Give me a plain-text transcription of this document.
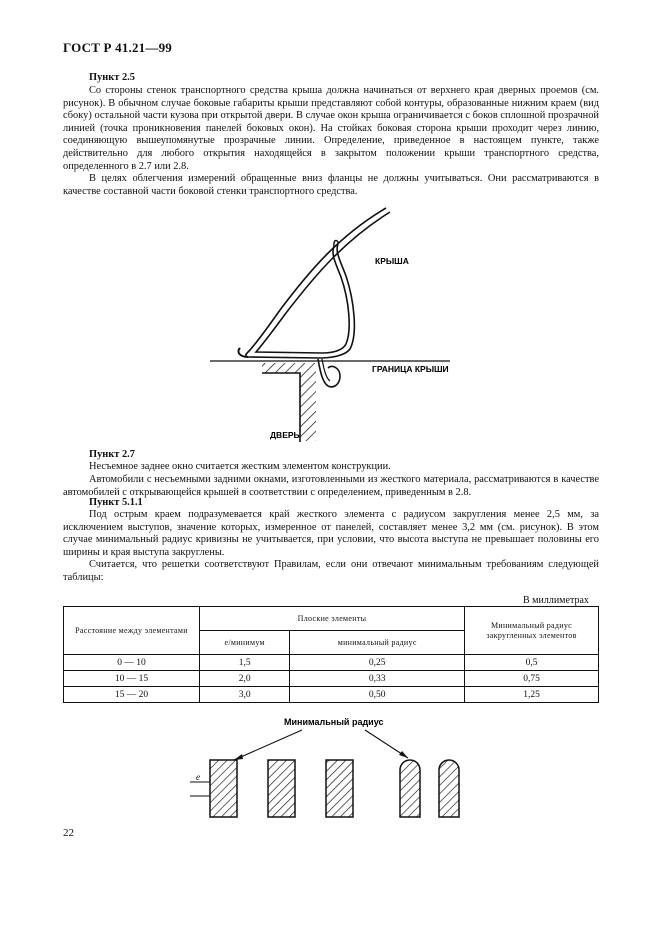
ГОСТ Р 41.21—99
Пункт 2.5

Со стороны стенок транспортного средства крыша должна начинаться от верхнего края дверных проемов (см. рисунок). В обычном случае боковые габариты крыши представляют собой контуры, образованные нижним краем (вид сбоку) остальной части кузова при открытой двери. В случае окон крыша ограничивается с боков сплошной прозрачной линией (точка проникновения панелей боковых окон). На стойках боковая сторона крыши проходит через линию, соединяющую вышеупомянутые прозрачные линии. Определение, приведенное в настоящем пункте, также действительно для любого открытия находящейся в закрытом положении крыши транспортного средства, определенного в 2.7 или 2.8.

В целях облегчения измерений обращенные вниз фланцы не должны учитываться. Они рассматриваются в качестве составной части боковой стенки транспортного средства.

КРЫША
ГРАНИЦА КРЫШИ
ДВЕРЬ
Пункт 2.7

Несъемное заднее окно считается жестким элементом конструкции.

Автомобили с несъемными задними окнами, изготовленными из жесткого материала, рассматриваются в качестве автомобилей с открывающейся крышей в соответствии с определением, приведенным в 2.8.

Пункт 5.1.1

Под острым краем подразумевается край жесткого элемента с радиусом закругления менее 2,5 мм, за исключением выступов, значение которых, измеренное от панелей, составляет менее 3,2 мм (см. рисунок). В этом случае минимальный радиус кривизны не учитывается, при условии, что высота выступа не превышает половины его ширины и края выступа закруглены.

Считается, что решетки соответствуют Правилам, если они отвечают минимальным требованиям следующей таблицы:

В миллиметрах
Расстояние между элементами	Плоские элементы		Минимальный радиус закругленных элементов
	е/минимум	минимальный радиус	
0 — 10	1,5	0,25	0,5
10 — 15	2,0	0,33	0,75
15 — 20	3,0	0,50	1,25
Минимальный радиус
e
22
